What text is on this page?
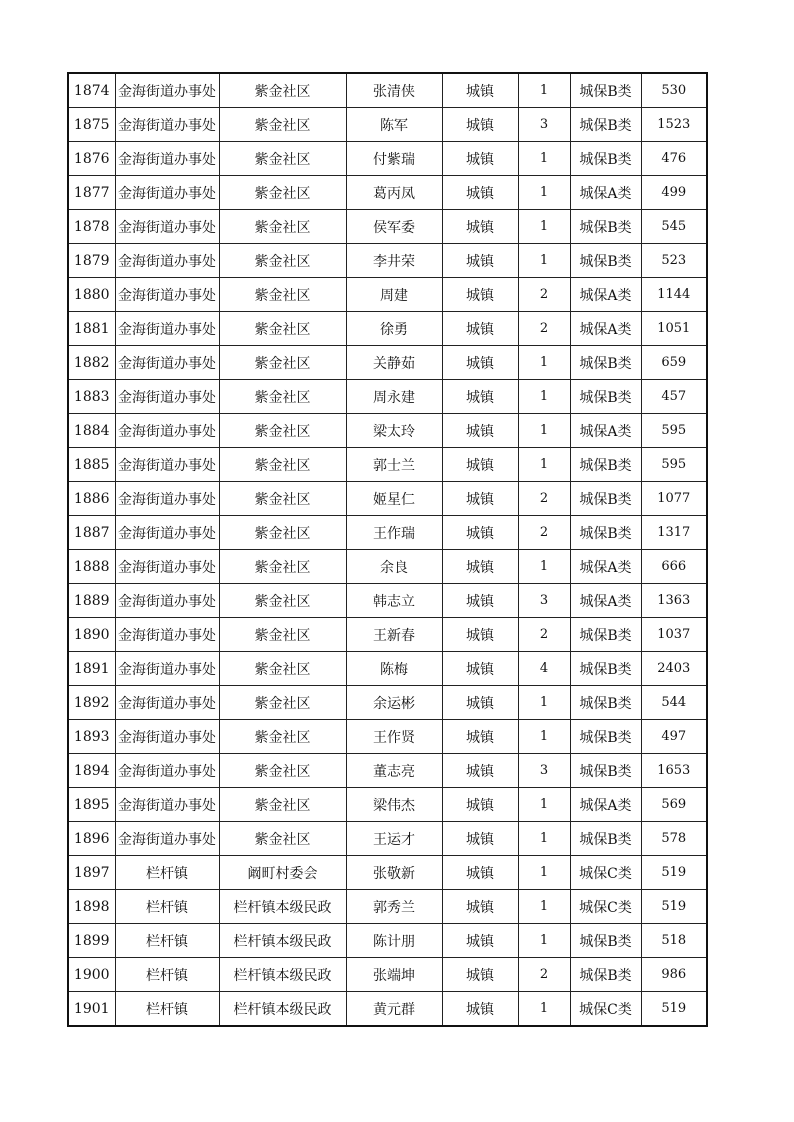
1874	金海街道办事处	紫金社区	张清侠	城镇	1	城保B类	530
1875	金海街道办事处	紫金社区	陈军	城镇	3	城保B类	1523
1876	金海街道办事处	紫金社区	付紫瑞	城镇	1	城保B类	476
1877	金海街道办事处	紫金社区	葛丙凤	城镇	1	城保A类	499
1878	金海街道办事处	紫金社区	侯军委	城镇	1	城保B类	545
1879	金海街道办事处	紫金社区	李井荣	城镇	1	城保B类	523
1880	金海街道办事处	紫金社区	周建	城镇	2	城保A类	1144
1881	金海街道办事处	紫金社区	徐勇	城镇	2	城保A类	1051
1882	金海街道办事处	紫金社区	关静茹	城镇	1	城保B类	659
1883	金海街道办事处	紫金社区	周永建	城镇	1	城保B类	457
1884	金海街道办事处	紫金社区	梁太玲	城镇	1	城保A类	595
1885	金海街道办事处	紫金社区	郭士兰	城镇	1	城保B类	595
1886	金海街道办事处	紫金社区	姬星仁	城镇	2	城保B类	1077
1887	金海街道办事处	紫金社区	王作瑞	城镇	2	城保B类	1317
1888	金海街道办事处	紫金社区	余良	城镇	1	城保A类	666
1889	金海街道办事处	紫金社区	韩志立	城镇	3	城保A类	1363
1890	金海街道办事处	紫金社区	王新春	城镇	2	城保B类	1037
1891	金海街道办事处	紫金社区	陈梅	城镇	4	城保B类	2403
1892	金海街道办事处	紫金社区	余运彬	城镇	1	城保B类	544
1893	金海街道办事处	紫金社区	王作贤	城镇	1	城保B类	497
1894	金海街道办事处	紫金社区	董志亮	城镇	3	城保B类	1653
1895	金海街道办事处	紫金社区	梁伟杰	城镇	1	城保A类	569
1896	金海街道办事处	紫金社区	王运才	城镇	1	城保B类	578
1897	栏杆镇	阚町村委会	张敬新	城镇	1	城保C类	519
1898	栏杆镇	栏杆镇本级民政	郭秀兰	城镇	1	城保C类	519
1899	栏杆镇	栏杆镇本级民政	陈计朋	城镇	1	城保B类	518
1900	栏杆镇	栏杆镇本级民政	张端坤	城镇	2	城保B类	986
1901	栏杆镇	栏杆镇本级民政	黄元群	城镇	1	城保C类	519
